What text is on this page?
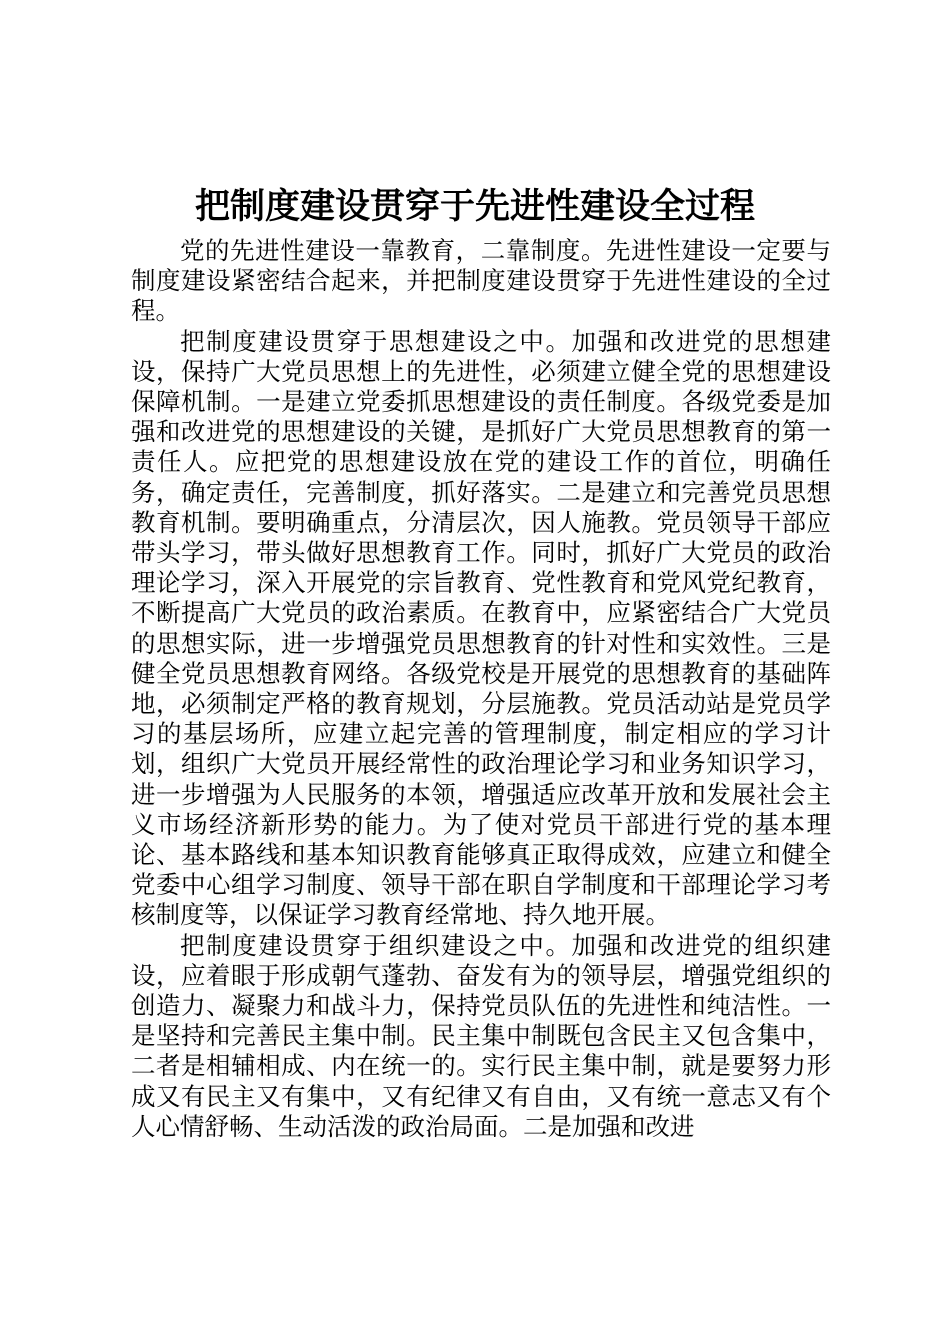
把制度建设贯穿于先进性建设全过程

党的先进性建设一靠教育，二靠制度。先进性建设一定要与制度建设紧密结合起来，并把制度建设贯穿于先进性建设的全过程。

把制度建设贯穿于思想建设之中。加强和改进党的思想建设，保持广大党员思想上的先进性，必须建立健全党的思想建设保障机制。一是建立党委抓思想建设的责任制度。各级党委是加强和改进党的思想建设的关键，是抓好广大党员思想教育的第一责任人。应把党的思想建设放在党的建设工作的首位，明确任务，确定责任，完善制度，抓好落实。二是建立和完善党员思想教育机制。要明确重点，分清层次，因人施教。党员领导干部应带头学习，带头做好思想教育工作。同时，抓好广大党员的政治理论学习，深入开展党的宗旨教育、党性教育和党风党纪教育，不断提高广大党员的政治素质。在教育中，应紧密结合广大党员的思想实际，进一步增强党员思想教育的针对性和实效性。三是健全党员思想教育网络。各级党校是开展党的思想教育的基础阵地，必须制定严格的教育规划，分层施教。党员活动站是党员学习的基层场所，应建立起完善的管理制度，制定相应的学习计划，组织广大党员开展经常性的政治理论学习和业务知识学习，进一步增强为人民服务的本领，增强适应改革开放和发展社会主义市场经济新形势的能力。为了使对党员干部进行党的基本理论、基本路线和基本知识教育能够真正取得成效，应建立和健全党委中心组学习制度、领导干部在职自学制度和干部理论学习考核制度等，以保证学习教育经常地、持久地开展。

把制度建设贯穿于组织建设之中。加强和改进党的组织建设，应着眼于形成朝气蓬勃、奋发有为的领导层，增强党组织的创造力、凝聚力和战斗力，保持党员队伍的先进性和纯洁性。一是坚持和完善民主集中制。民主集中制既包含民主又包含集中，二者是相辅相成、内在统一的。实行民主集中制，就是要努力形成又有民主又有集中，又有纪律又有自由，又有统一意志又有个人心情舒畅、生动活泼的政治局面。二是加强和改进
